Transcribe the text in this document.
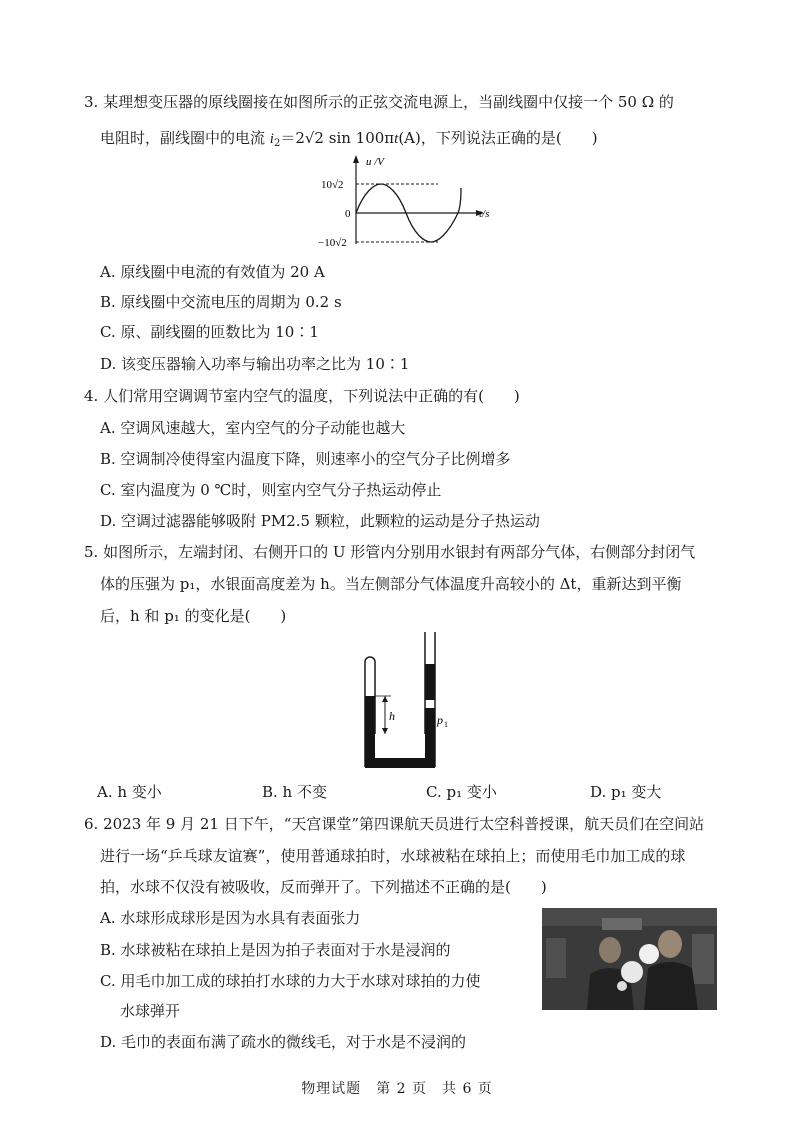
3. 某理想变压器的原线圈接在如图所示的正弦交流电源上，当副线圈中仅接一个 50 Ω 的
电阻时，副线圈中的电流 $i_2=2√2$ sin 100πt(A)，下列说法正确的是(　　)
u /V
t/s
10√2
0
−10√2
A. 原线圈中电流的有效值为 20 A
B. 原线圈中交流电压的周期为 0.2 s
C. 原、副线圈的匝数比为 10∶1
D. 该变压器输入功率与输出功率之比为 10∶1
4. 人们常用空调调节室内空气的温度，下列说法中正确的有(　　)
A. 空调风速越大，室内空气的分子动能也越大
B. 空调制冷使得室内温度下降，则速率小的空气分子比例增多
C. 室内温度为 0 ℃时，则室内空气分子热运动停止
D. 空调过滤器能够吸附 PM2.5 颗粒，此颗粒的运动是分子热运动
5. 如图所示，左端封闭、右侧开口的 U 形管内分别用水银封有两部分气体，右侧部分封闭气
体的压强为 p₁，水银面高度差为 h。当左侧部分气体温度升高较小的 Δt，重新达到平衡
后，h 和 p₁ 的变化是(　　)
h	p 1
A. h 变小	B. h 不变	C. p₁ 变小	D. p₁ 变大
6. 2023 年 9 月 21 日下午，“天宫课堂”第四课航天员进行太空科普授课，航天员们在空间站
进行一场“乒乓球友谊赛”，使用普通球拍时，水球被粘在球拍上；而使用毛巾加工成的球
拍，水球不仅没有被吸收，反而弹开了。下列描述不正确的是(　　)
A. 水球形成球形是因为水具有表面张力
B. 水球被粘在球拍上是因为拍子表面对于水是浸润的
C. 用毛巾加工成的球拍打水球的力大于水球对球拍的力使
水球弹开
D. 毛巾的表面布满了疏水的微线毛，对于水是不浸润的
物理试题　第 2 页　共 6 页
